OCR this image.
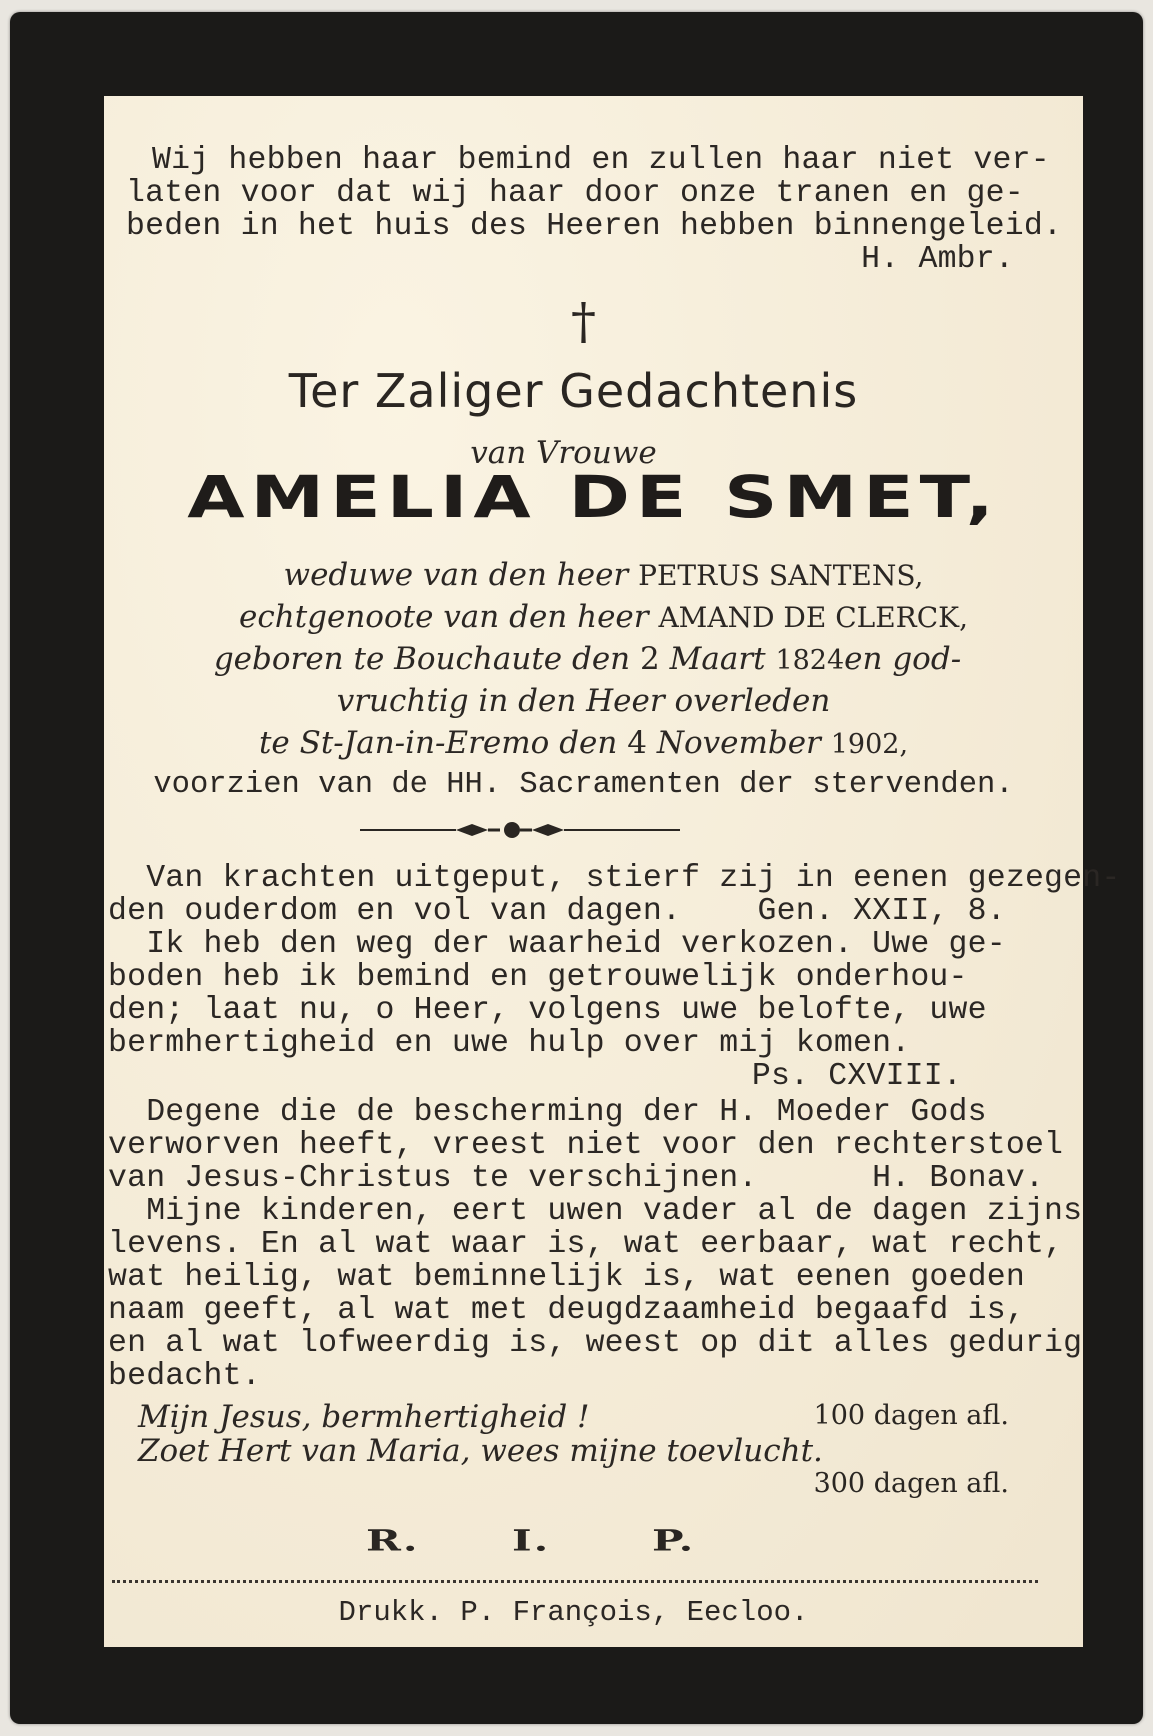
Wij hebben haar bemind en zullen haar niet ver-
laten voor dat wij haar door onze tranen en ge-
beden in het huis des Heeren hebben binnengeleid.
H. Ambr.
†
Ter Zaliger Gedachtenis
van Vrouwe
AMELIA DE SMET,
weduwe van den heer PETRUS SANTENS,
echtgenoote van den heer AMAND DE CLERCK,
geboren te Bouchaute den 2 Maart 1824en god-
vruchtig in den Heer overleden
te St-Jan-in-Eremo den 4 November 1902,
voorzien van de HH. Sacramenten der stervenden.
Van krachten uitgeput, stierf zij in eenen gezegen-
den ouderdom en vol van dagen.    Gen. XXII, 8.
Ik heb den weg der waarheid verkozen. Uwe ge-
boden heb ik bemind en getrouwelijk onderhou-
den; laat nu, o Heer, volgens uwe belofte, uwe
bermhertigheid en uwe hulp over mij komen.
Ps. CXVIII.
Degene die de bescherming der H. Moeder Gods
verworven heeft, vreest niet voor den rechterstoel
van Jesus-Christus te verschijnen.      H. Bonav.
Mijne kinderen, eert uwen vader al de dagen zijns
levens. En al wat waar is, wat eerbaar, wat recht,
wat heilig, wat beminnelijk is, wat eenen goeden
naam geeft, al wat met deugdzaamheid begaafd is,
en al wat lofweerdig is, weest op dit alles gedurig
bedacht.
Mijn Jesus, bermhertigheid !	100 dagen afl.
Zoet Hert van Maria, wees mijne toevlucht.
300 dagen afl.
R. I. P.
Drukk. P. François, Eecloo.
